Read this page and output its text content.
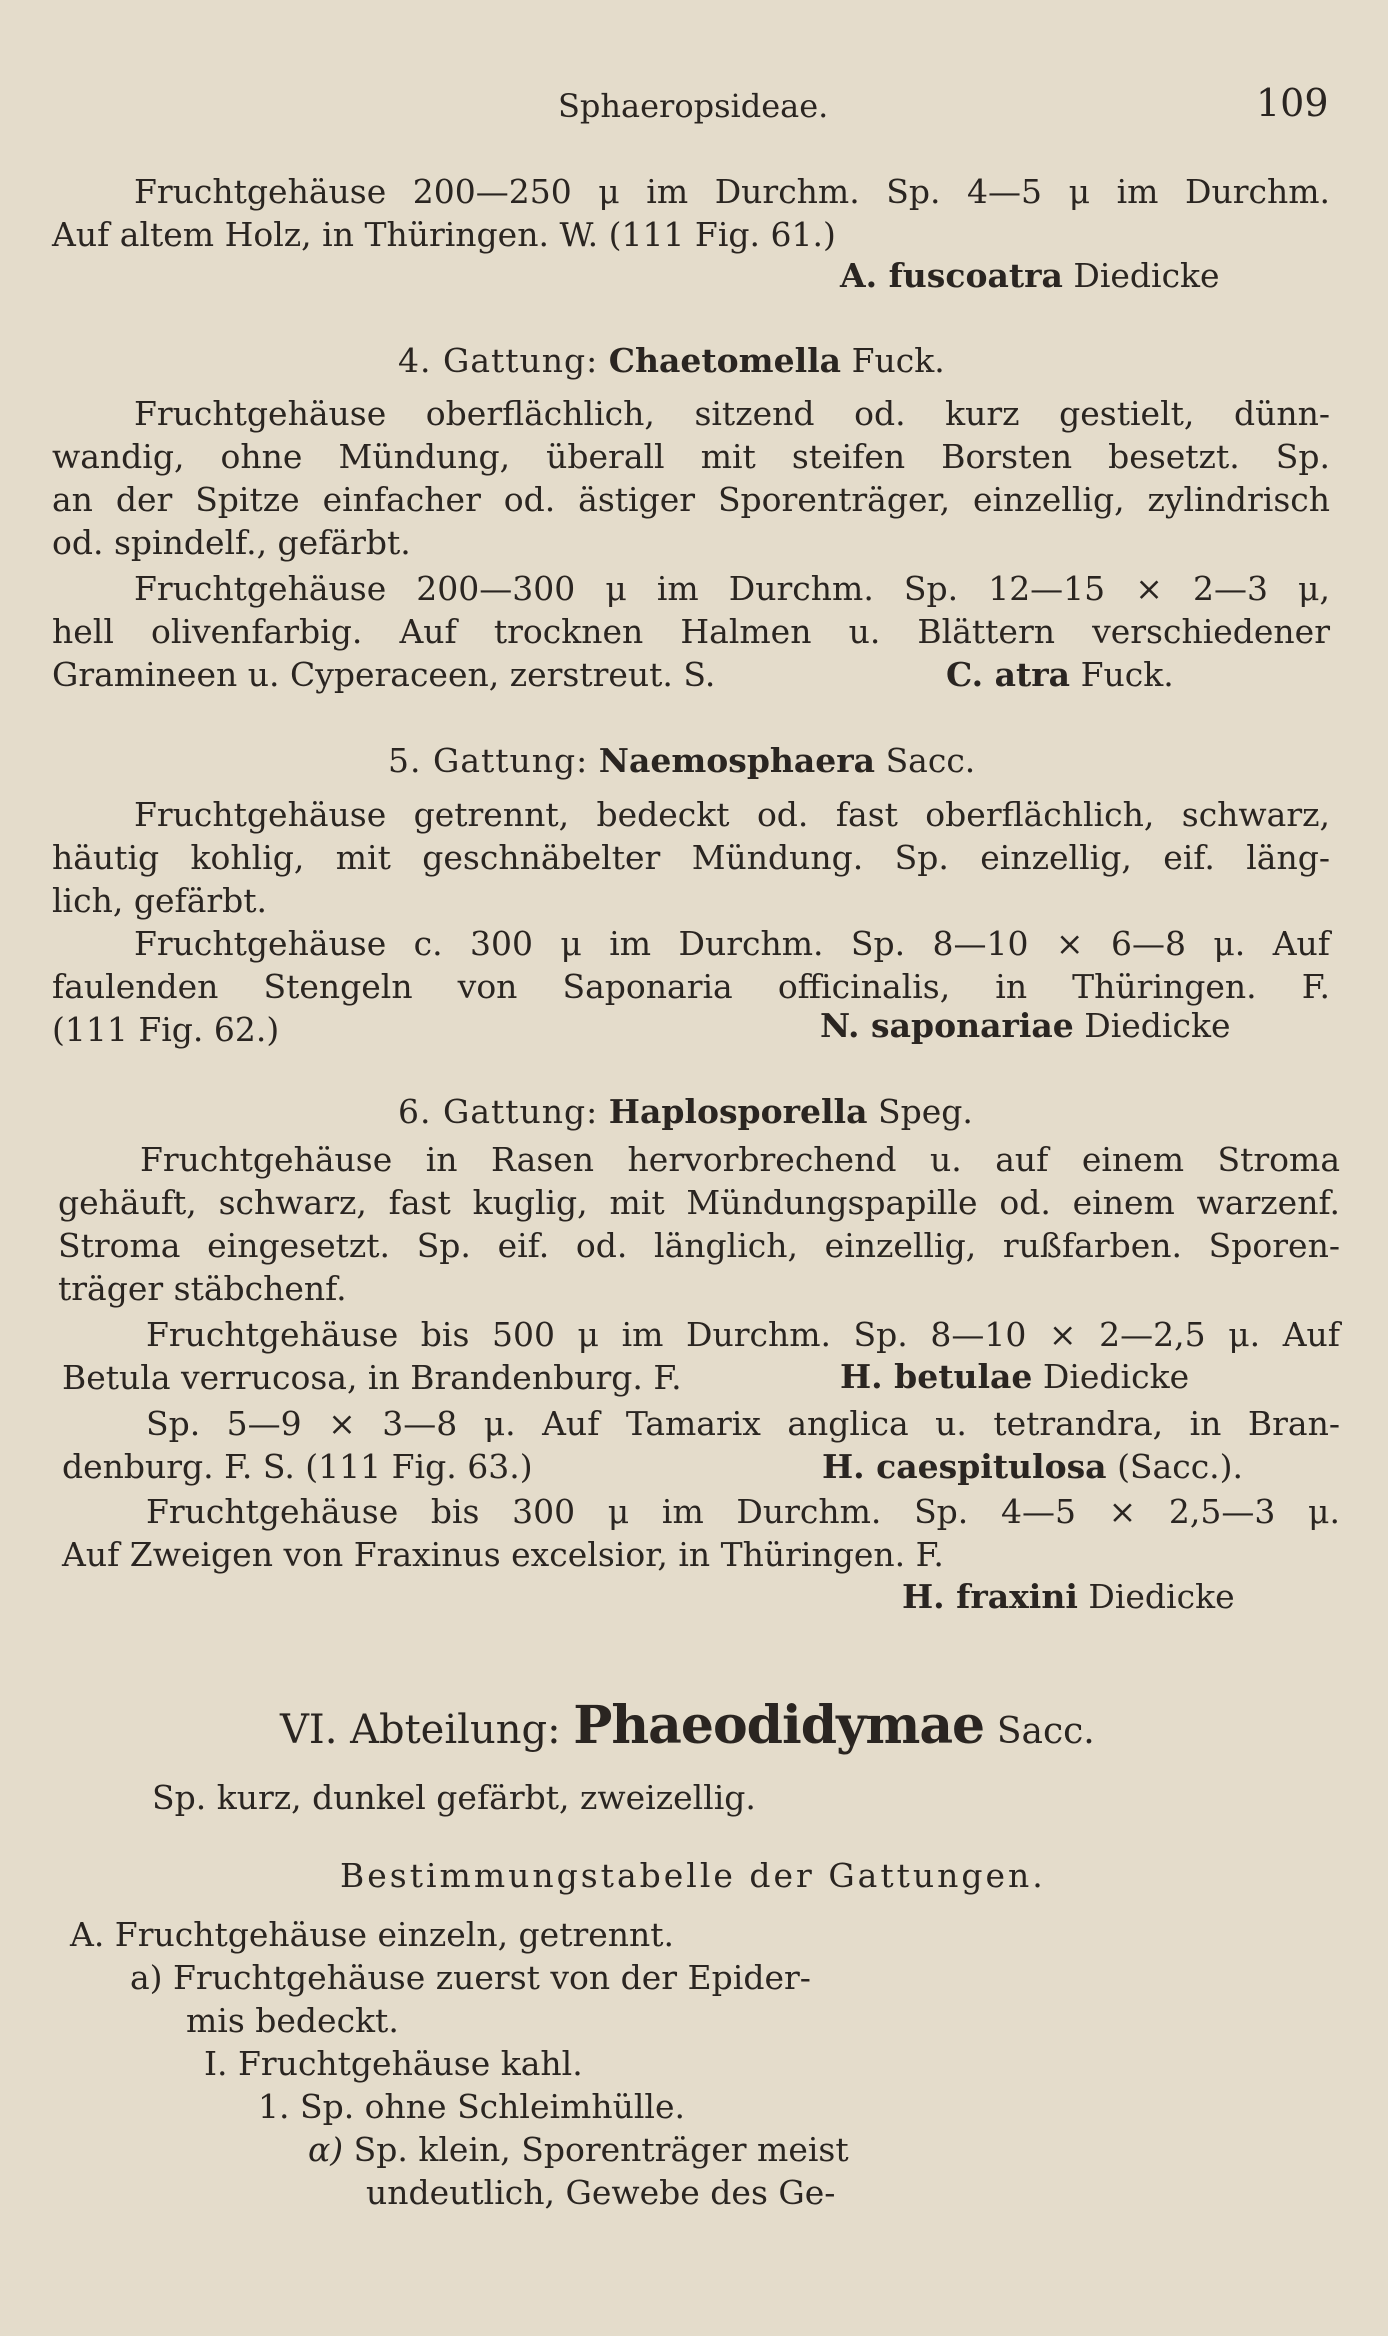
Sphaeropsideae.	109
Fruchtgehäuse 200—250 μ im Durchm. Sp. 4—5 μ im Durchm.
Auf altem Holz, in Thüringen. W. (111 Fig. 61.)
A. fuscoatra Diedicke
4. Gattung: Chaetomella Fuck.
Fruchtgehäuse oberflächlich, sitzend od. kurz gestielt, dünn-
wandig, ohne Mündung, überall mit steifen Borsten besetzt. Sp.
an der Spitze einfacher od. ästiger Sporenträger, einzellig, zylindrisch
od. spindelf., gefärbt.
Fruchtgehäuse 200—300 μ im Durchm. Sp. 12—15 × 2—3 μ,
hell olivenfarbig. Auf trocknen Halmen u. Blättern verschiedener
Gramineen u. Cyperaceen, zerstreut. S.	C. atra Fuck.
5. Gattung: Naemosphaera Sacc.
Fruchtgehäuse getrennt, bedeckt od. fast oberflächlich, schwarz,
häutig kohlig, mit geschnäbelter Mündung. Sp. einzellig, eif. läng-
lich, gefärbt.
Fruchtgehäuse c. 300 μ im Durchm. Sp. 8—10 × 6—8 μ. Auf
faulenden Stengeln von Saponaria officinalis, in Thüringen. F.
(111 Fig. 62.)	N. saponariae Diedicke
6. Gattung: Haplosporella Speg.
Fruchtgehäuse in Rasen hervorbrechend u. auf einem Stroma
gehäuft, schwarz, fast kuglig, mit Mündungspapille od. einem warzenf.
Stroma eingesetzt. Sp. eif. od. länglich, einzellig, rußfarben. Sporen-
träger stäbchenf.
Fruchtgehäuse bis 500 μ im Durchm. Sp. 8—10 × 2—2,5 μ. Auf
Betula verrucosa, in Brandenburg. F.	H. betulae Diedicke
Sp. 5—9 × 3—8 μ. Auf Tamarix anglica u. tetrandra, in Bran-
denburg. F. S. (111 Fig. 63.)	H. caespitulosa (Sacc.).
Fruchtgehäuse bis 300 μ im Durchm. Sp. 4—5 × 2,5—3 μ.
Auf Zweigen von Fraxinus excelsior, in Thüringen. F.
H. fraxini Diedicke
VI. Abteilung: Phaeodidymae Sacc.
Sp. kurz, dunkel gefärbt, zweizellig.
Bestimmungstabelle der Gattungen.
A. Fruchtgehäuse einzeln, getrennt.
a) Fruchtgehäuse zuerst von der Epider-
mis bedeckt.
I. Fruchtgehäuse kahl.
1. Sp. ohne Schleimhülle.
α) Sp. klein, Sporenträger meist
undeutlich, Gewebe des Ge-
